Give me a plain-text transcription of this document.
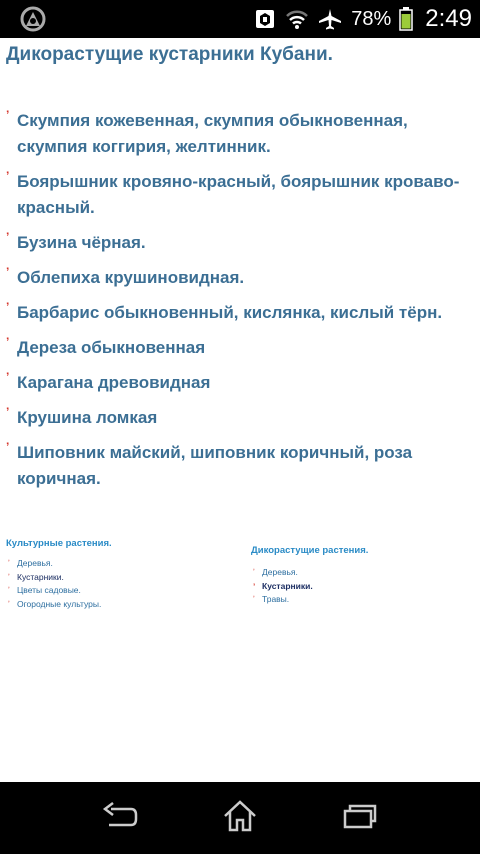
78% 2:49
Дикорастущие кустарники Кубани.
ʼ Скумпия кожевенная, скумпия обыкновенная, скумпия коггирия, желтинник.
ʼ Боярышник кровяно-красный, боярышник кроваво-красный.
ʼ Бузина чёрная.
ʼ Облепиха крушиновидная.
ʼ Барбарис обыкновенный, кислянка, кислый тёрн.
ʼ Дереза обыкновенная
ʼ Карагана древовидная
ʼ Крушина ломкая
ʼ Шиповник майский, шиповник коричный, роза коричная.
Культурные растения.
ʼ Деревья.
ʼ Кустарники.
ʼ Цветы садовые.
ʼ Огородные культуры.
Дикорастущие растения.
ʼ Деревья.
ʼ Кустарники.
ʼ Травы.
